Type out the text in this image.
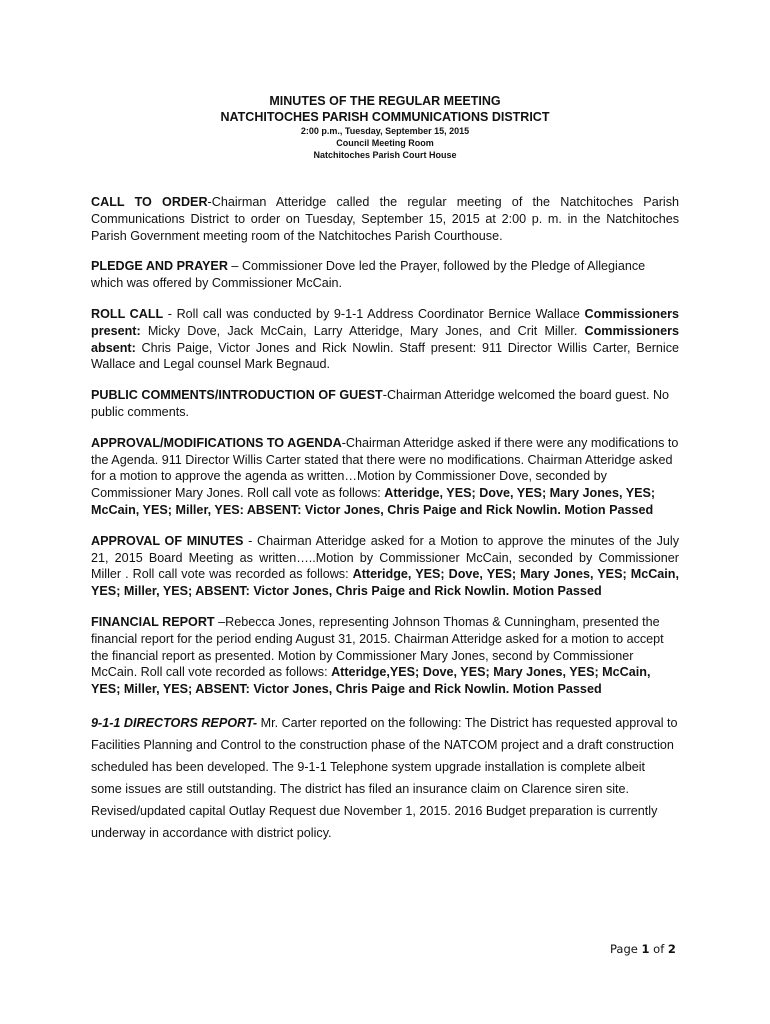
MINUTES OF THE REGULAR MEETING
NATCHITOCHES PARISH COMMUNICATIONS DISTRICT
2:00 p.m., Tuesday, September 15, 2015
Council Meeting Room
Natchitoches Parish Court House

CALL TO ORDER-Chairman Atteridge called the regular meeting of the Natchitoches Parish Communications District to order on Tuesday, September 15, 2015 at 2:00 p. m. in the Natchitoches Parish Government meeting room of the Natchitoches Parish Courthouse.

PLEDGE AND PRAYER – Commissioner Dove led the Prayer, followed by the Pledge of Allegiance which was offered by Commissioner McCain.

ROLL CALL - Roll call was conducted by 9-1-1 Address Coordinator Bernice Wallace Commissioners present: Micky Dove, Jack McCain, Larry Atteridge, Mary Jones, and Crit Miller. Commissioners absent: Chris Paige, Victor Jones and Rick Nowlin. Staff present: 911 Director Willis Carter, Bernice Wallace and Legal counsel Mark Begnaud.

PUBLIC COMMENTS/INTRODUCTION OF GUEST-Chairman Atteridge welcomed the board guest. No public comments.

APPROVAL/MODIFICATIONS TO AGENDA-Chairman Atteridge asked if there were any modifications to the Agenda. 911 Director Willis Carter stated that there were no modifications. Chairman Atteridge asked for a motion to approve the agenda as written…Motion by Commissioner Dove, seconded by Commissioner Mary Jones. Roll call vote as follows: Atteridge, YES; Dove, YES; Mary Jones, YES; McCain, YES; Miller, YES: ABSENT: Victor Jones, Chris Paige and Rick Nowlin. Motion Passed

APPROVAL OF MINUTES - Chairman Atteridge asked for a Motion to approve the minutes of the July 21, 2015 Board Meeting as written…..Motion by Commissioner McCain, seconded by Commissioner Miller . Roll call vote was recorded as follows: Atteridge, YES; Dove, YES; Mary Jones, YES; McCain, YES; Miller, YES; ABSENT: Victor Jones, Chris Paige and Rick Nowlin. Motion Passed

FINANCIAL REPORT –Rebecca Jones, representing Johnson Thomas & Cunningham, presented the financial report for the period ending August 31, 2015. Chairman Atteridge asked for a motion to accept the financial report as presented. Motion by Commissioner Mary Jones, second by Commissioner McCain. Roll call vote recorded as follows: Atteridge,YES; Dove, YES; Mary Jones, YES; McCain, YES; Miller, YES; ABSENT: Victor Jones, Chris Paige and Rick Nowlin. Motion Passed

9-1-1 DIRECTORS REPORT- Mr. Carter reported on the following: The District has requested approval to Facilities Planning and Control to the construction phase of the NATCOM project and a draft construction scheduled has been developed. The 9-1-1 Telephone system upgrade installation is complete albeit some issues are still outstanding. The district has filed an insurance claim on Clarence siren site. Revised/updated capital Outlay Request due November 1, 2015. 2016 Budget preparation is currently underway in accordance with district policy.

Page 1 of 2
